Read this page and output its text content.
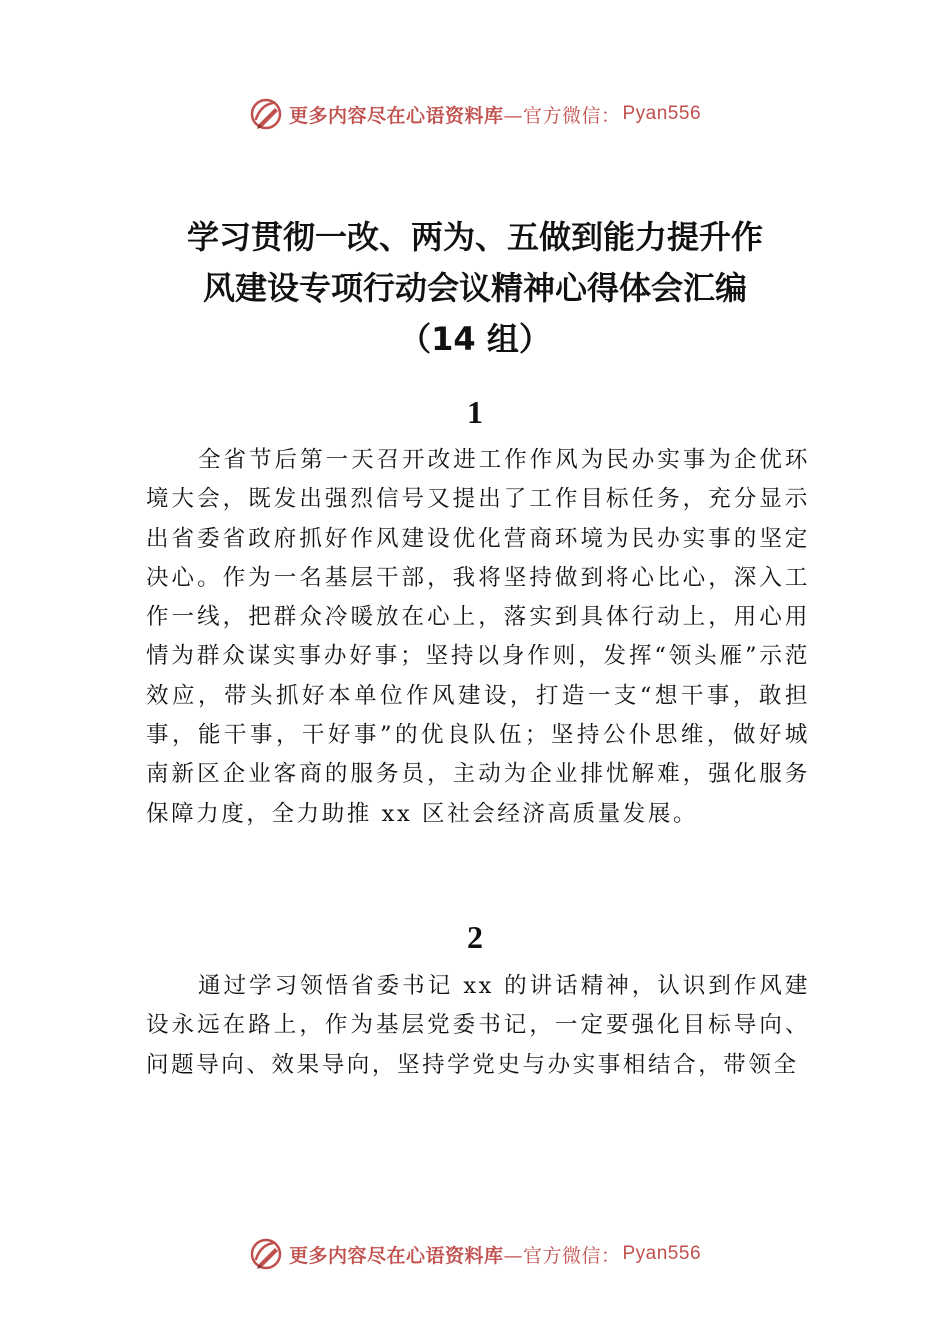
更多内容尽在心语资料库 —官方微信： Pyan556
学习贯彻一改、两为、五做到能力提升作
风建设专项行动会议精神心得体会汇编
（14 组）
1

全省节后第一天召开改进工作作风为民办实事为企优环境大会，既发出强烈信号又提出了工作目标任务，充分显示出省委省政府抓好作风建设优化营商环境为民办实事的坚定决心。作为一名基层干部，我将坚持做到将心比心，深入工作一线，把群众冷暖放在心上，落实到具体行动上，用心用情为群众谋实事办好事；坚持以身作则，发挥“领头雁”示范效应，带头抓好本单位作风建设，打造一支“想干事，敢担事，能干事，干好事”的优良队伍；坚持公仆思维，做好城南新区企业客商的服务员，主动为企业排忧解难，强化服务保障力度，全力助推 xx 区社会经济高质量发展。

2

通过学习领悟省委书记 xx 的讲话精神，认识到作风建设永远在路上，作为基层党委书记，一定要强化目标导向、问题导向、效果导向，坚持学党史与办实事相结合，带领全

更多内容尽在心语资料库 —官方微信： Pyan556
